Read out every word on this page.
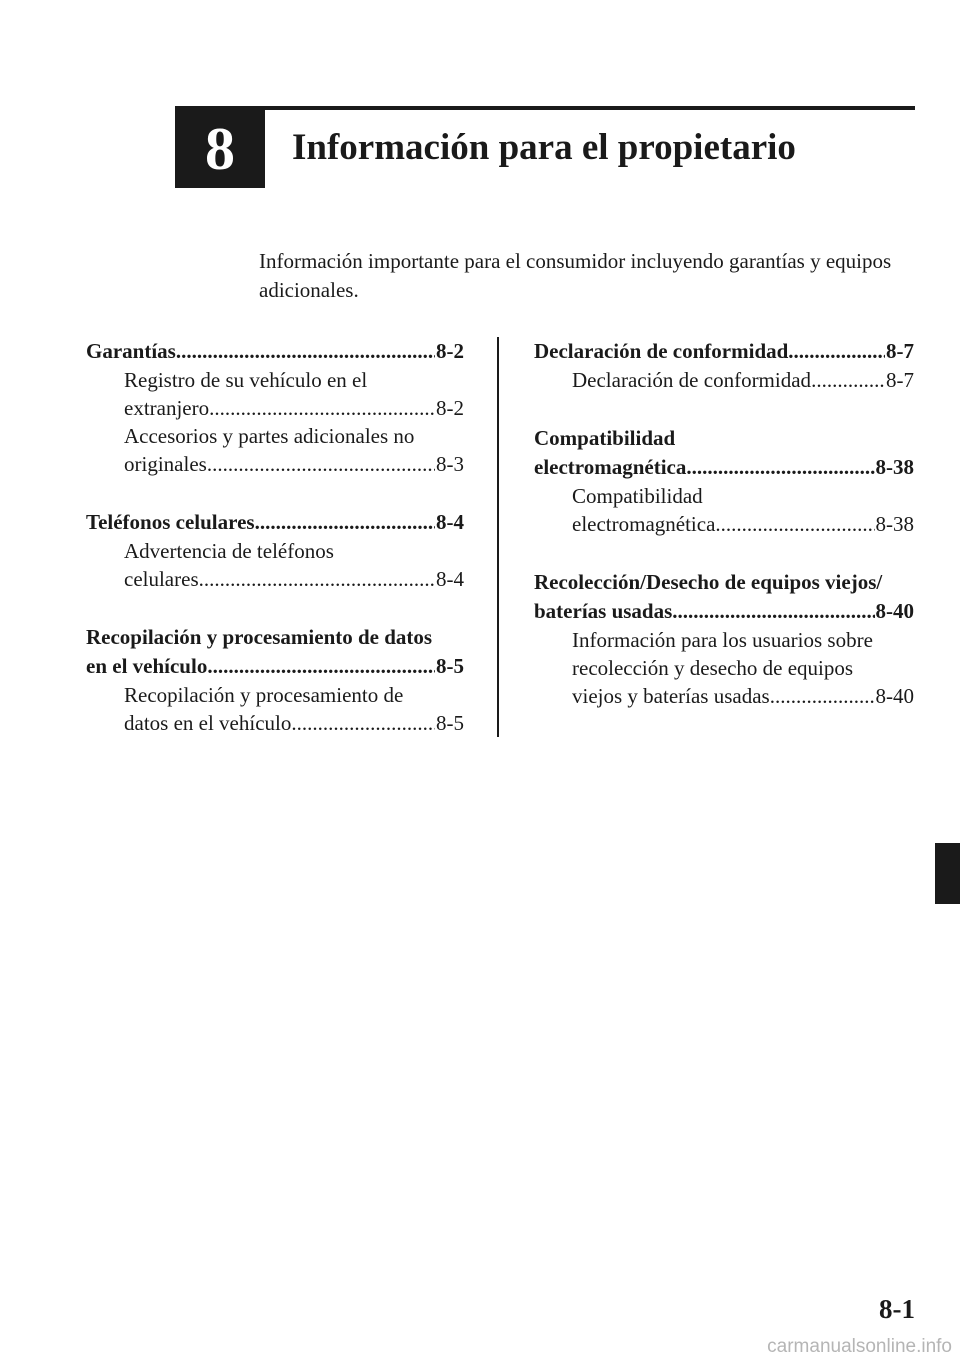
8 Información para el propietario
Información importante para el consumidor incluyendo garantías y equipos adicionales.
Garantías .....	8-2
Registro de su vehículo en el
extranjero .....	8-2
Accesorios y partes adicionales no
originales .....	8-3
Teléfonos celulares .....	8-4
Advertencia de teléfonos
celulares .....	8-4
Recopilación y procesamiento de datos
en el vehículo .....	8-5
Recopilación y procesamiento de
datos en el vehículo .....	8-5
Declaración de conformidad .....	8-7
Declaración de conformidad .....	8-7
Compatibilidad
electromagnética .....	8-38
Compatibilidad
electromagnética .....	8-38
Recolección/Desecho de equipos viejos/
baterías usadas .....	8-40
Información para los usuarios sobre
recolección y desecho de equipos
viejos y baterías usadas .....	8-40
8-1
carmanualsonline.info
